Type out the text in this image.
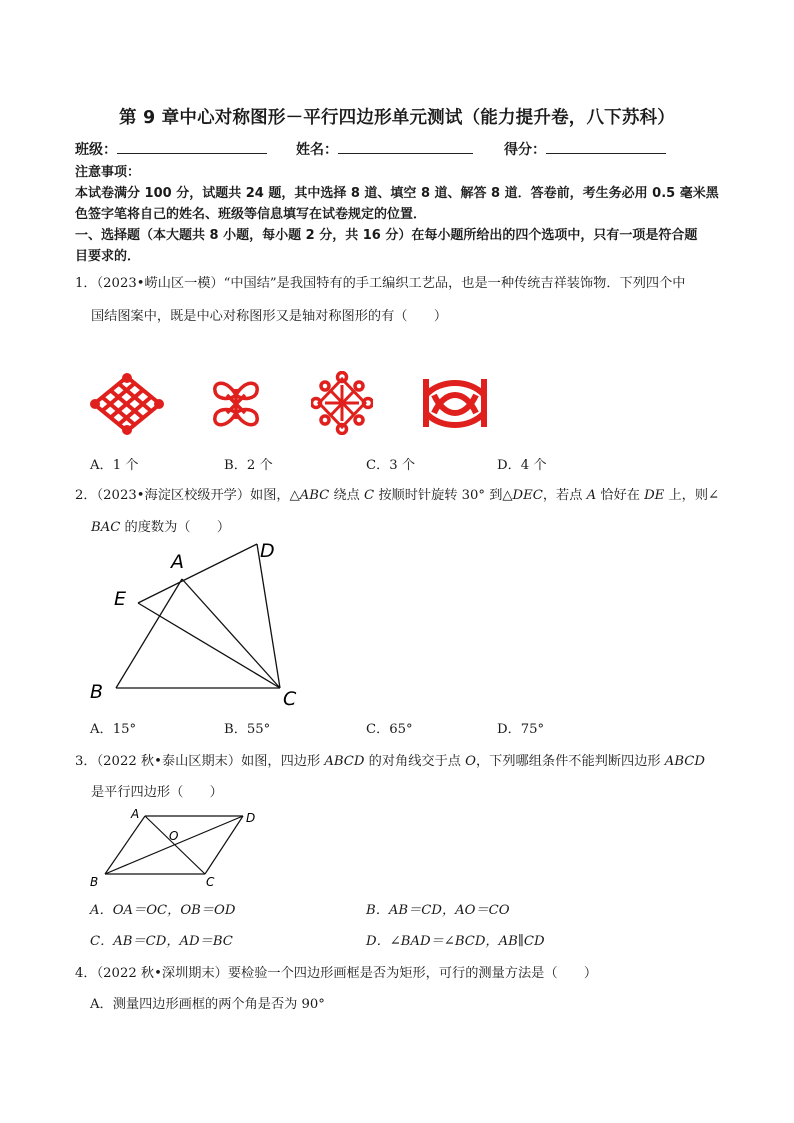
第 9 章中心对称图形－平行四边形单元测试（能力提升卷，八下苏科）
班级：	姓名：	得分：
注意事项：
本试卷满分 100 分，试题共 24 题，其中选择 8 道、填空 8 道、解答 8 道．答卷前，考生务必用 0.5 毫米黑
色签字笔将自己的姓名、班级等信息填写在试卷规定的位置．
一、选择题（本大题共 8 小题，每小题 2 分，共 16 分）在每小题所给出的四个选项中，只有一项是符合题
目要求的．
1．（2023•崂山区一模）“中国结”是我国特有的手工编织工艺品，也是一种传统吉祥装饰物．下列四个中
国结图案中，既是中心对称图形又是轴对称图形的有（　　）
A．1 个	B．2 个	C．3 个	D．4 个
2．（2023•海淀区校级开学）如图，△ABC 绕点 C 按顺时针旋转 30° 到△DEC，若点 A 恰好在 DE 上，则∠
BAC 的度数为（　　）
A
B	C
D
E
A．15°	B．55°	C．65°	D．75°
3．（2022 秋•泰山区期末）如图，四边形 ABCD 的对角线交于点 O，下列哪组条件不能判断四边形 ABCD
是平行四边形（　　）
A
B	C
D
O
A．OA＝OC，OB＝OD	B．AB＝CD，AO＝CO
C．AB＝CD，AD＝BC	D．∠BAD＝∠BCD，AB∥CD
4．（2022 秋•深圳期末）要检验一个四边形画框是否为矩形，可行的测量方法是（　　）
A．测量四边形画框的两个角是否为 90°
